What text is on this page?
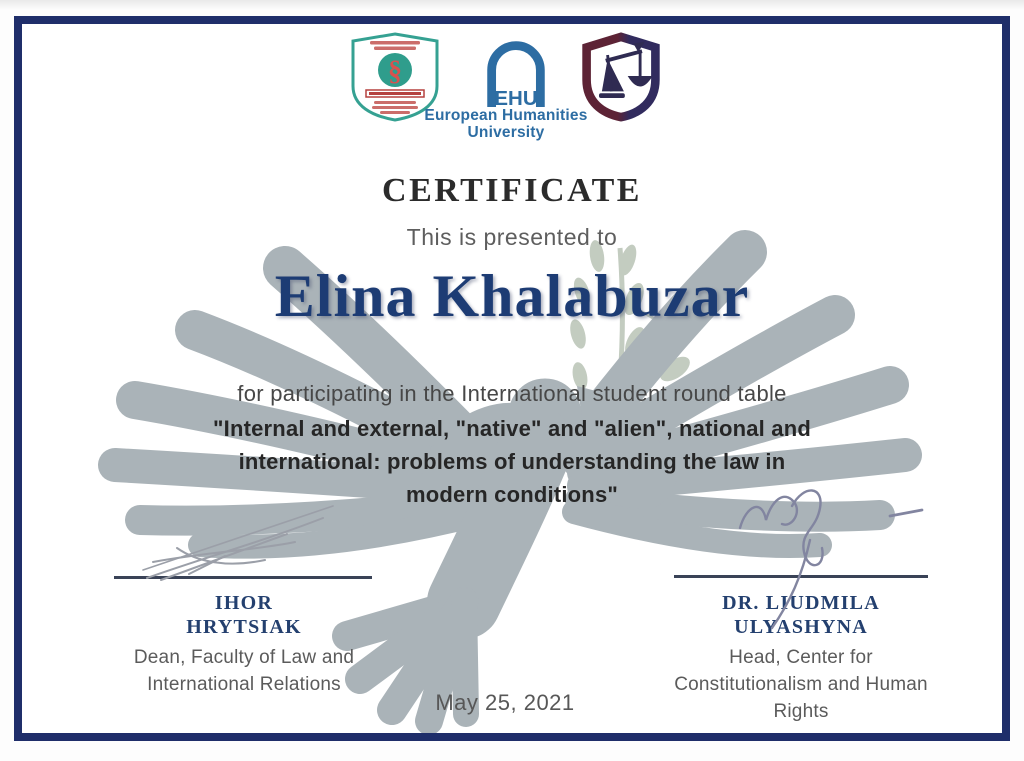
§
EHU
European Humanities
University
CERTIFICATE

This is presented to

Elina Khalabuzar

for participating in the International student round table

"Internal and external, "native" and "alien", national and
international: problems of understanding the law in
modern conditions"
IHOR
HRYTSIAK
Dean, Faculty of Law and
International Relations
DR. LIUDMILA
ULYASHYNA
Head, Center for
Constitutionalism and Human
Rights
May 25, 2021
